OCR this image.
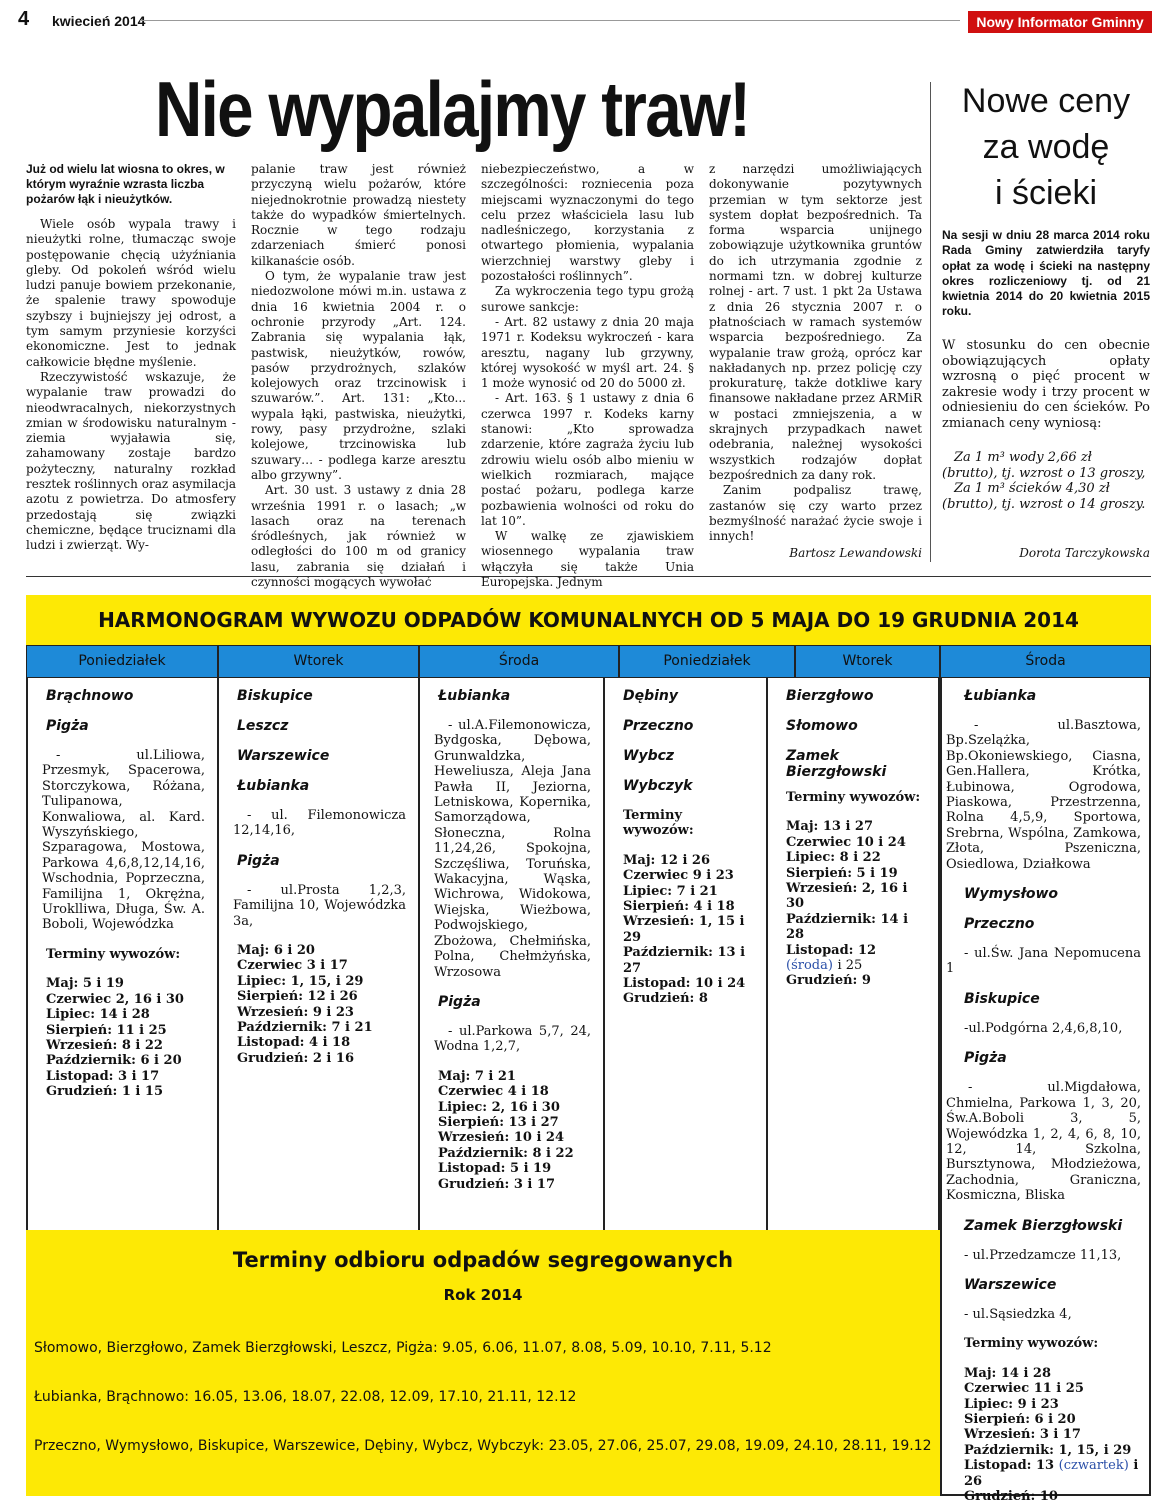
4 kwiecień 2014	Nowy Informator Gminny
Nie wypalajmy traw!

Już od wielu lat wiosna to okres, w którym wyraźnie wzrasta liczba pożarów łąk i nieużytków.

Wiele osób wypala trawy i nieużytki rolne, tłumacząc swoje postępowanie chęcią użyźniania gleby. Od pokoleń wśród wielu ludzi panuje bowiem przekonanie, że spalenie trawy spowoduje szybszy i bujniejszy jej odrost, a tym samym przyniesie korzyści ekonomiczne. Jest to jednak całkowicie błędne myślenie.

Rzeczywistość wskazuje, że wypalanie traw prowadzi do nieodwracalnych, niekorzystnych zmian w środowisku naturalnym - ziemia wyjaławia się, zahamowany zostaje bardzo pożyteczny, naturalny rozkład resztek roślinnych oraz asymilacja azotu z powietrza. Do atmosfery przedostają się związki chemiczne, będące truciznami dla ludzi i zwierząt. Wy-

palanie traw jest również przyczyną wielu pożarów, które niejednokrotnie prowadzą niestety także do wypadków śmiertelnych. Rocznie w tego rodzaju zdarzeniach śmierć ponosi kilkanaście osób.

O tym, że wypalanie traw jest niedozwolone mówi m.in. ustawa z dnia 16 kwietnia 2004 r. o ochronie przyrody „Art. 124. Zabrania się wypalania łąk, pastwisk, nieużytków, rowów, pasów przydrożnych, szlaków kolejowych oraz trzcinowisk i szuwarów.”. Art. 131: „Kto... wypala łąki, pastwiska, nieużytki, rowy, pasy przydrożne, szlaki kolejowe, trzcinowiska lub szuwary… - podlega karze aresztu albo grzywny”.

Art. 30 ust. 3 ustawy z dnia 28 września 1991 r. o lasach; „w lasach oraz na terenach śródleśnych, jak również w odległości do 100 m od granicy lasu, zabrania się działań i czynności mogących wywołać

niebezpieczeństwo, a w szczególności: rozniecenia poza miejscami wyznaczonymi do tego celu przez właściciela lasu lub nadleśniczego, korzystania z otwartego płomienia, wypalania wierzchniej warstwy gleby i pozostałości roślinnych”.

Za wykroczenia tego typu grożą surowe sankcje:

- Art. 82 ustawy z dnia 20 maja 1971 r. Kodeksu wykroczeń - kara aresztu, nagany lub grzywny, której wysokość w myśl art. 24. § 1 może wynosić od 20 do 5000 zł.

- Art. 163. § 1 ustawy z dnia 6 czerwca 1997 r. Kodeks karny stanowi: „Kto sprowadza zdarzenie, które zagraża życiu lub zdrowiu wielu osób albo mieniu w wielkich rozmiarach, mające postać pożaru, podlega karze pozbawienia wolności od roku do lat 10”.

W walkę ze zjawiskiem wiosennego wypalania traw włączyła się także Unia Europejska. Jednym

z narzędzi umożliwiających dokonywanie pozytywnych przemian w tym sektorze jest system dopłat bezpośrednich. Ta forma wsparcia unijnego zobowiązuje użytkownika gruntów do ich utrzymania zgodnie z normami tzn. w dobrej kulturze rolnej - art. 7 ust. 1 pkt 2a Ustawa z dnia 26 stycznia 2007 r. o płatnościach w ramach systemów wsparcia bezpośredniego. Za wypalanie traw grożą, oprócz kar nakładanych np. przez policję czy prokuraturę, także dotkliwe kary finansowe nakładane przez ARMiR w postaci zmniejszenia, a w skrajnych przypadkach nawet odebrania, należnej wysokości wszystkich rodzajów dopłat bezpośrednich za dany rok.

Zanim podpalisz trawę, zastanów się czy warto przez bezmyślność narażać życie swoje i innych!

Bartosz Lewandowski
Nowe ceny
za wodę
i ścieki
Na sesji w dniu 28 marca 2014 roku Rada Gminy zatwierdziła taryfy opłat za wodę i ścieki na następny okres rozliczeniowy tj. od 21 kwietnia 2014 do 20 kwietnia 2015 roku.
W stosunku do cen obecnie obowiązujących opłaty wzrosną o pięć procent w zakresie wody i trzy procent w odniesieniu do cen ścieków. Po zmianach ceny wyniosą:

Za 1 m³ wody 2,66 zł (brutto), tj. wzrost o 13 groszy,

Za 1 m³ ścieków 4,30 zł (brutto), tj. wzrost o 14 groszy.

Dorota Tarczykowska
HARMONOGRAM WYWOZU ODPADÓW KOMUNALNYCH OD 5 MAJA DO 19 GRUDNIA 2014
Poniedziałek	Wtorek	Środa	Poniedziałek	Wtorek	Środa
Brąchnowo
Pigża
- ul.Liliowa, Przesmyk, Spacerowa, Storczykowa, Różana, Tulipanowa, Konwaliowa, al. Kard. Wyszyńskiego, Szparagowa, Mostowa, Parkowa 4,6,8,12,14,16, Wschodnia, Poprzeczna, Familijna 1, Okrężna, Uroklliwa, Długa, Św. A. Boboli, Wojewódzka
Terminy wywozów:
Maj: 5 i 19
Czerwiec 2, 16 i 30
Lipiec: 14 i 28
Sierpień: 11 i 25
Wrzesień: 8 i 22
Październik: 6 i 20
Listopad: 3 i 17
Grudzień: 1 i 15
Biskupice
Leszcz
Warszewice
Łubianka
- ul. Filemonowicza 12,14,16,
Pigża
- ul.Prosta 1,2,3, Familijna 10, Wojewódzka 3a,
Maj: 6 i 20
Czerwiec 3 i 17
Lipiec: 1, 15, i 29
Sierpień: 12 i 26
Wrzesień: 9 i 23
Październik: 7 i 21
Listopad: 4 i 18
Grudzień: 2 i 16
Łubianka
- ul.A.Filemonowicza, Bydgoska, Dębowa, Grunwaldzka, Heweliusza, Aleja Jana Pawła II, Jeziorna, Letniskowa, Kopernika, Samorządowa, Słoneczna, Rolna 11,24,26, Spokojna, Szczęśliwa, Toruńska, Wakacyjna, Wąska, Wichrowa, Widokowa, Wiejska, Wieżbowa, Podwojskiego, Zbożowa, Chełmińska, Polna, Chełmżyńska, Wrzosowa
Pigża
- ul.Parkowa 5,7, 24, Wodna 1,2,7,
Maj: 7 i 21
Czerwiec 4 i 18
Lipiec: 2, 16 i 30
Sierpień: 13 i 27
Wrzesień: 10 i 24
Październik: 8 i 22
Listopad: 5 i 19
Grudzień: 3 i 17
Dębiny
Przeczno
Wybcz
Wybczyk
Terminy wywozów:
Maj: 12 i 26
Czerwiec 9 i 23
Lipiec: 7 i 21
Sierpień: 4 i 18
Wrzesień: 1, 15 i 29
Październik: 13 i 27
Listopad: 10 i 24
Grudzień: 8
Bierzgłowo
Słomowo
Zamek Bierzgłowski
Terminy wywozów:
Maj: 13 i 27
Czerwiec 10 i 24
Lipiec: 8 i 22
Sierpień: 5 i 19
Wrzesień: 2, 16 i 30
Październik: 14 i 28
Listopad: 12 (środa) i 25
Grudzień: 9
Łubianka
- ul.Basztowa, Bp.Szelążka, Bp.Okoniewskiego, Ciasna, Gen.Hallera, Krótka, Łubinowa, Ogrodowa, Piaskowa, Przestrzenna, Rolna 4,5,9, Sportowa, Srebrna, Wspólna, Zamkowa, Złota, Pszeniczna, Osiedlowa, Działkowa
Wymysłowo
Przeczno
- ul.Św. Jana Nepomucena 1
Biskupice
-ul.Podgórna 2,4,6,8,10,
Pigża
- ul.Migdałowa, Chmielna, Parkowa 1, 3, 20, Św.A.Boboli 3, 5, Wojewódzka 1, 2, 4, 6, 8, 10, 12, 14, Szkolna, Bursztynowa, Młodzieżowa, Zachodnia, Graniczna, Kosmiczna, Bliska
Zamek Bierzgłowski
- ul.Przedzamcze 11,13,
Warszewice
- ul.Sąsiedzka 4,
Terminy wywozów:
Maj: 14 i 28
Czerwiec 11 i 25
Lipiec: 9 i 23
Sierpień: 6 i 20
Wrzesień: 3 i 17
Październik: 1, 15, i 29
Listopad: 13 (czwartek) i 26
Grudzień: 10
Terminy odbioru odpadów segregowanych
Rok 2014
Słomowo, Bierzgłowo, Zamek Bierzgłowski, Leszcz, Pigża: 9.05, 6.06, 11.07, 8.08, 5.09, 10.10, 7.11, 5.12
Łubianka, Brąchnowo: 16.05, 13.06, 18.07, 22.08, 12.09, 17.10, 21.11, 12.12
Przeczno, Wymysłowo, Biskupice, Warszewice, Dębiny, Wybcz, Wybczyk: 23.05, 27.06, 25.07, 29.08, 19.09, 24.10, 28.11, 19.12
